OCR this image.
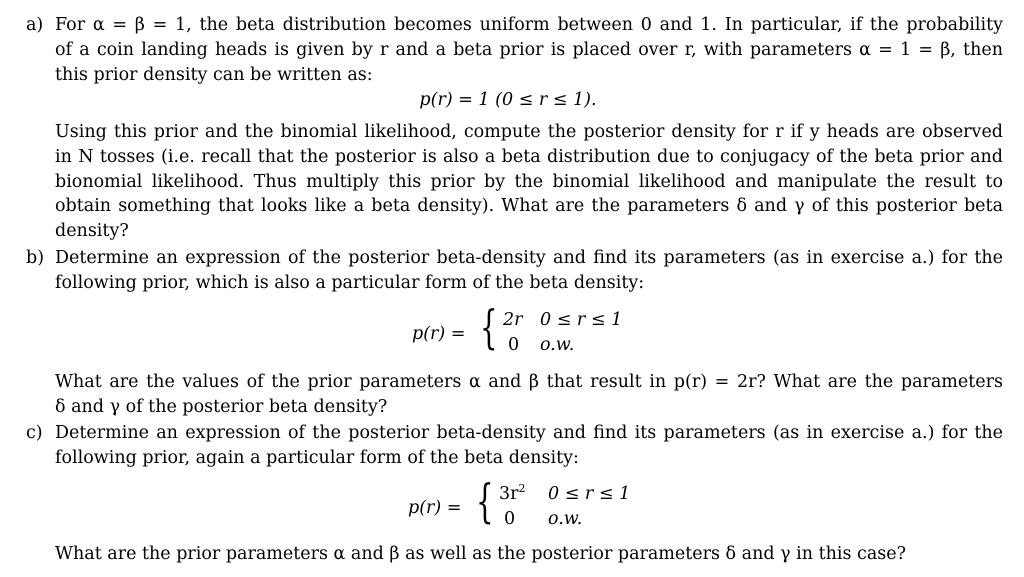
a) For α = β = 1, the beta distribution becomes uniform between 0 and 1. In particular, if the probability
of a coin landing heads is given by r and a beta prior is placed over r, with parameters α = 1 = β, then
this prior density can be written as:
p(r) = 1 (0 ≤ r ≤ 1).
Using this prior and the binomial likelihood, compute the posterior density for r if y heads are observed
in N tosses (i.e. recall that the posterior is also a beta distribution due to conjugacy of the beta prior and
bionomial likelihood. Thus multiply this prior by the binomial likelihood and manipulate the result to
obtain something that looks like a beta density). What are the parameters δ and γ of this posterior beta
density?
b) Determine an expression of the posterior beta-density and find its parameters (as in exercise a.) for the
following prior, which is also a particular form of the beta density:
p(r) = { 2r 0 ≤ r ≤ 1
0 o.w.
What are the values of the prior parameters α and β that result in p(r) = 2r? What are the parameters
δ and γ of the posterior beta density?
c) Determine an expression of the posterior beta-density and find its parameters (as in exercise a.) for the
following prior, again a particular form of the beta density:
p(r) = { $3r^2$ 0 ≤ r ≤ 1
0 o.w.
What are the prior parameters α and β as well as the posterior parameters δ and γ in this case?
